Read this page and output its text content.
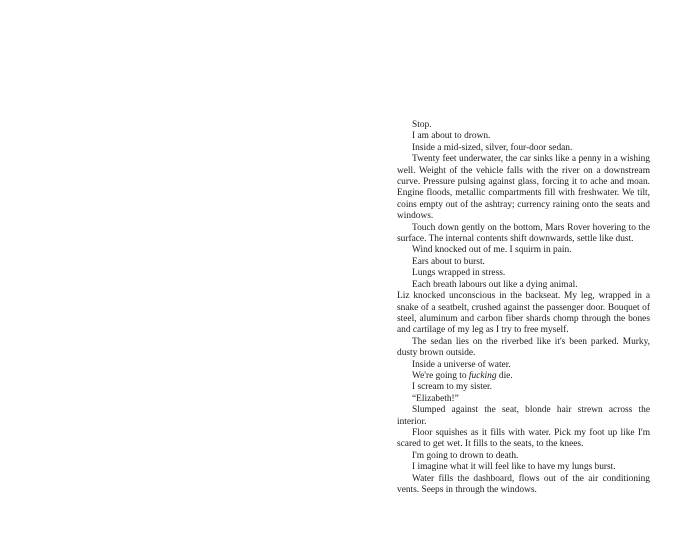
Stop.

I am about to drown.

Inside a mid-sized, silver, four-door sedan.

Twenty feet underwater, the car sinks like a penny in a wishing well. Weight of the vehicle falls with the river on a downstream curve. Pressure pulsing against glass, forcing it to ache and moan. Engine floods, metallic compartments fill with freshwater. We tilt, coins empty out of the ashtray; currency raining onto the seats and windows.

Touch down gently on the bottom, Mars Rover hovering to the surface. The internal contents shift downwards, settle like dust.

Wind knocked out of me. I squirm in pain.

Ears about to burst.

Lungs wrapped in stress.

Each breath labours out like a dying animal.

Liz knocked unconscious in the backseat. My leg, wrapped in a snake of a seatbelt, crushed against the passenger door. Bouquet of steel, aluminum and carbon fiber shards chomp through the bones and cartilage of my leg as I try to free myself.

The sedan lies on the riverbed like it's been parked. Murky, dusty brown outside.

Inside a universe of water.

We're going to fucking die.

I scream to my sister.

“Elizabeth!”

Slumped against the seat, blonde hair strewn across the interior.

Floor squishes as it fills with water. Pick my foot up like I'm scared to get wet. It fills to the seats, to the knees.

I'm going to drown to death.

I imagine what it will feel like to have my lungs burst.

Water fills the dashboard, flows out of the air conditioning vents. Seeps in through the windows.
